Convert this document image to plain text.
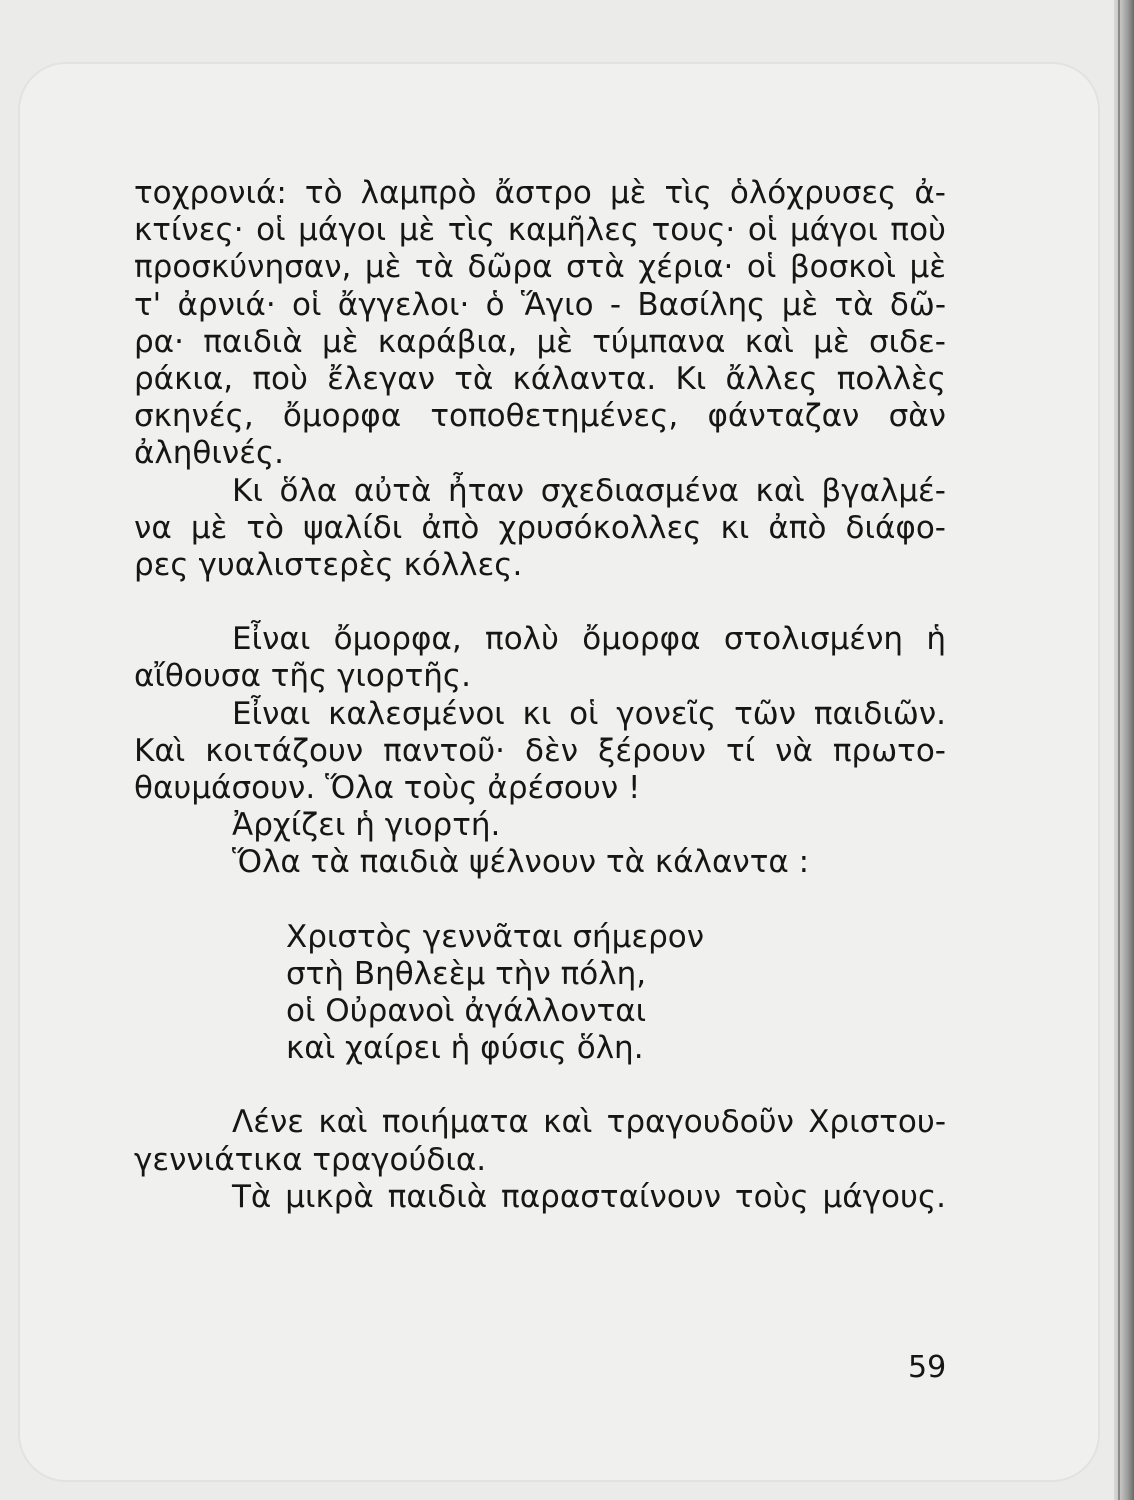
τοχρονιά: τὸ λαμπρὸ ἄστρο μὲ τὶς ὁλόχρυσες ἀ-
κτίνες· οἱ μάγοι μὲ τὶς καμῆλες τους· οἱ μάγοι ποὺ
προσκύνησαν, μὲ τὰ δῶρα στὰ χέρια· οἱ βοσκοὶ μὲ
τ' ἀρνιά· οἱ ἄγγελοι· ὁ Ἅγιο - Βασίλης μὲ τὰ δῶ-
ρα· παιδιὰ μὲ καράβια, μὲ τύμπανα καὶ μὲ σιδε-
ράκια, ποὺ ἔλεγαν τὰ κάλαντα. Κι ἄλλες πολλὲς
σκηνές, ὄμορφα τοποθετημένες, φάνταζαν σὰν
ἀληθινές.
Κι ὅλα αὐτὰ ἦταν σχεδιασμένα καὶ βγαλμέ-
να μὲ τὸ ψαλίδι ἀπὸ χρυσόκολλες κι ἀπὸ διάφο-
ρες γυαλιστερὲς κόλλες.
Εἶναι ὄμορφα, πολὺ ὄμορφα στολισμένη ἡ
αἴθουσα τῆς γιορτῆς.
Εἶναι καλεσμένοι κι οἱ γονεῖς τῶν παιδιῶν.
Καὶ κοιτάζουν παντοῦ· δὲν ξέρουν τί νὰ πρωτο-
θαυμάσουν. Ὅλα τοὺς ἀρέσουν !
Ἀρχίζει ἡ γιορτή.
Ὅλα τὰ παιδιὰ ψέλνουν τὰ κάλαντα :
Χριστὸς γεννᾶται σήμερον
στὴ Βηθλεὲμ τὴν πόλη,
οἱ Οὐρανοὶ ἀγάλλονται
καὶ χαίρει ἡ φύσις ὅλη.
Λένε καὶ ποιήματα καὶ τραγουδοῦν Χριστου-
γεννιάτικα τραγούδια.
Τὰ μικρὰ παιδιὰ παρασταίνουν τοὺς μάγους.
59
